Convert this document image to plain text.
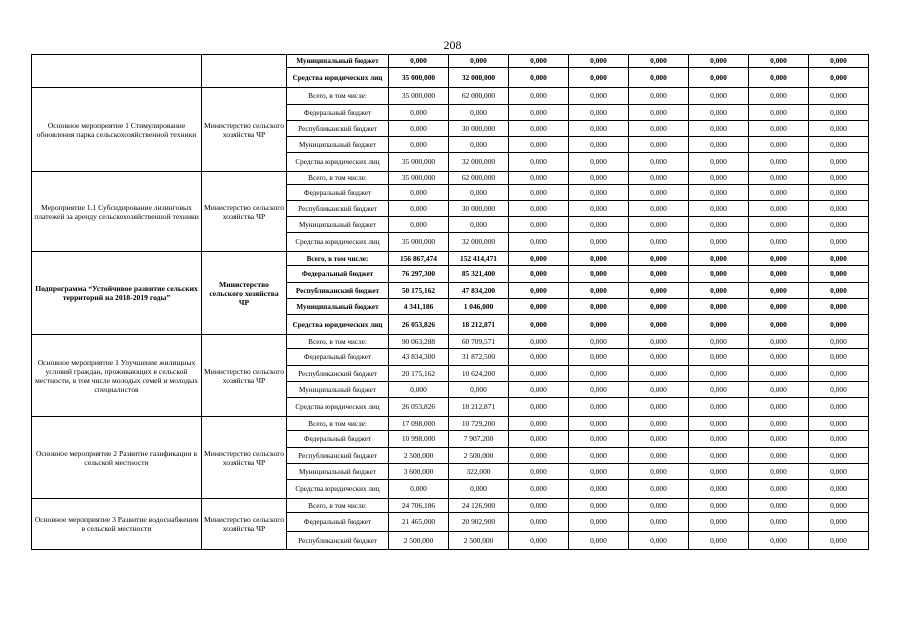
208
		Муниципальный бюджет	0,000	0,000	0,000	0,000	0,000	0,000	0,000	0,000
		Средства юридических лиц	35 000,000	32 000,000	0,000	0,000	0,000	0,000	0,000	0,000
Основное мероприятие 1 Стимулирование обновления парка сельскохозяйственной техники	Министерство сельского хозяйства ЧР	Всего, в том числе:	35 000,000	62 000,000	0,000	0,000	0,000	0,000	0,000	0,000
		Федеральный бюджет	0,000	0,000	0,000	0,000	0,000	0,000	0,000	0,000
		Республиканский бюджет	0,000	30 000,000	0,000	0,000	0,000	0,000	0,000	0,000
		Муниципальный бюджет	0,000	0,000	0,000	0,000	0,000	0,000	0,000	0,000
		Средства юридических лиц	35 000,000	32 000,000	0,000	0,000	0,000	0,000	0,000	0,000
Мероприятие 1.1 Субсидирование лизинговых платежей за аренду сельскохозяйственной техники	Министерство сельского хозяйства ЧР	Всего, в том числе:	35 000,000	62 000,000	0,000	0,000	0,000	0,000	0,000	0,000
		Федеральный бюджет	0,000	0,000	0,000	0,000	0,000	0,000	0,000	0,000
		Республиканский бюджет	0,000	30 000,000	0,000	0,000	0,000	0,000	0,000	0,000
		Муниципальный бюджет	0,000	0,000	0,000	0,000	0,000	0,000	0,000	0,000
		Средства юридических лиц	35 000,000	32 000,000	0,000	0,000	0,000	0,000	0,000	0,000
Подпрограмма “Устойчивое развитие сельских территорий на 2018-2019 годы”	Министерство сельского хозяйства ЧР	Всего, в том числе:	156 867,474	152 414,471	0,000	0,000	0,000	0,000	0,000	0,000
		Федеральный бюджет	76 297,300	85 321,400	0,000	0,000	0,000	0,000	0,000	0,000
		Республиканский бюджет	50 175,162	47 834,200	0,000	0,000	0,000	0,000	0,000	0,000
		Муниципальный бюджет	4 341,186	1 046,000	0,000	0,000	0,000	0,000	0,000	0,000
		Средства юридических лиц	26 053,826	18 212,871	0,000	0,000	0,000	0,000	0,000	0,000
Основное мероприятие 1 Улучшение жилищных условий граждан, проживающих в сельской местности, в том числе молодых семей и молодых специалистов	Министерство сельского хозяйства ЧР	Всего, в том числе:	90 063,288	60 709,571	0,000	0,000	0,000	0,000	0,000	0,000
		Федеральный бюджет	43 834,300	31 872,500	0,000	0,000	0,000	0,000	0,000	0,000
		Республиканский бюджет	20 175,162	10 624,200	0,000	0,000	0,000	0,000	0,000	0,000
		Муниципальный бюджет	0,000	0,000	0,000	0,000	0,000	0,000	0,000	0,000
		Средства юридических лиц	26 053,826	18 212,871	0,000	0,000	0,000	0,000	0,000	0,000
Основное мероприятие 2 Развитие газификации в сельской местности	Министерство сельского хозяйства ЧР	Всего, в том числе:	17 098,000	10 729,200	0,000	0,000	0,000	0,000	0,000	0,000
		Федеральный бюджет	10 998,000	7 907,200	0,000	0,000	0,000	0,000	0,000	0,000
		Республиканский бюджет	2 500,000	2 500,000	0,000	0,000	0,000	0,000	0,000	0,000
		Муниципальный бюджет	3 600,000	322,000	0,000	0,000	0,000	0,000	0,000	0,000
		Средства юридических лиц	0,000	0,000	0,000	0,000	0,000	0,000	0,000	0,000
Основное мероприятие 3 Развитие водоснабжения в сельской местности	Министерство сельского хозяйства ЧР	Всего, в том числе:	24 706,186	24 126,900	0,000	0,000	0,000	0,000	0,000	0,000
		Федеральный бюджет	21 465,000	20 902,900	0,000	0,000	0,000	0,000	0,000	0,000
		Республиканский бюджет	2 500,000	2 500,000	0,000	0,000	0,000	0,000	0,000	0,000
